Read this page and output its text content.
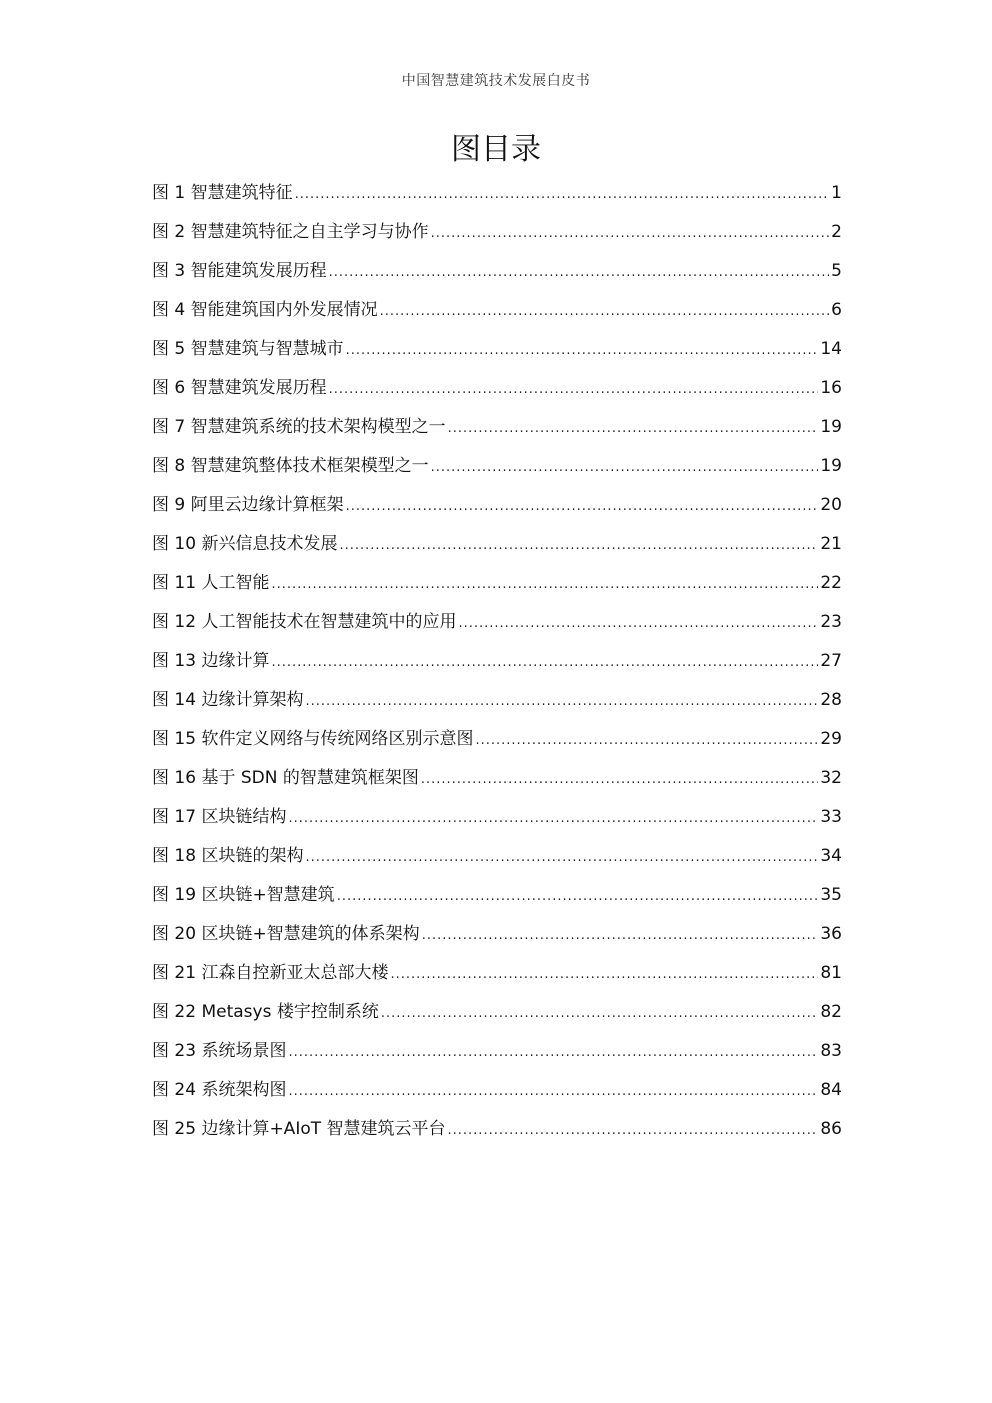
中国智慧建筑技术发展白皮书
图目录
图 1 智慧建筑特征 .....	1
图 2 智慧建筑特征之自主学习与协作 .....	2
图 3 智能建筑发展历程 .....	5
图 4 智能建筑国内外发展情况 .....	6
图 5 智慧建筑与智慧城市 .....	14
图 6 智慧建筑发展历程 .....	16
图 7 智慧建筑系统的技术架构模型之一 .....	19
图 8 智慧建筑整体技术框架模型之一 .....	19
图 9 阿里云边缘计算框架 .....	20
图 10 新兴信息技术发展 .....	21
图 11 人工智能 .....	22
图 12 人工智能技术在智慧建筑中的应用 .....	23
图 13 边缘计算 .....	27
图 14 边缘计算架构 .....	28
图 15 软件定义网络与传统网络区别示意图 .....	29
图 16 基于 SDN 的智慧建筑框架图 .....	32
图 17 区块链结构 .....	33
图 18 区块链的架构 .....	34
图 19 区块链+智慧建筑 .....	35
图 20 区块链+智慧建筑的体系架构 .....	36
图 21 江森自控新亚太总部大楼 .....	81
图 22 Metasys 楼宇控制系统 .....	82
图 23 系统场景图 .....	83
图 24 系统架构图 .....	84
图 25 边缘计算+AIoT 智慧建筑云平台 .....	86
